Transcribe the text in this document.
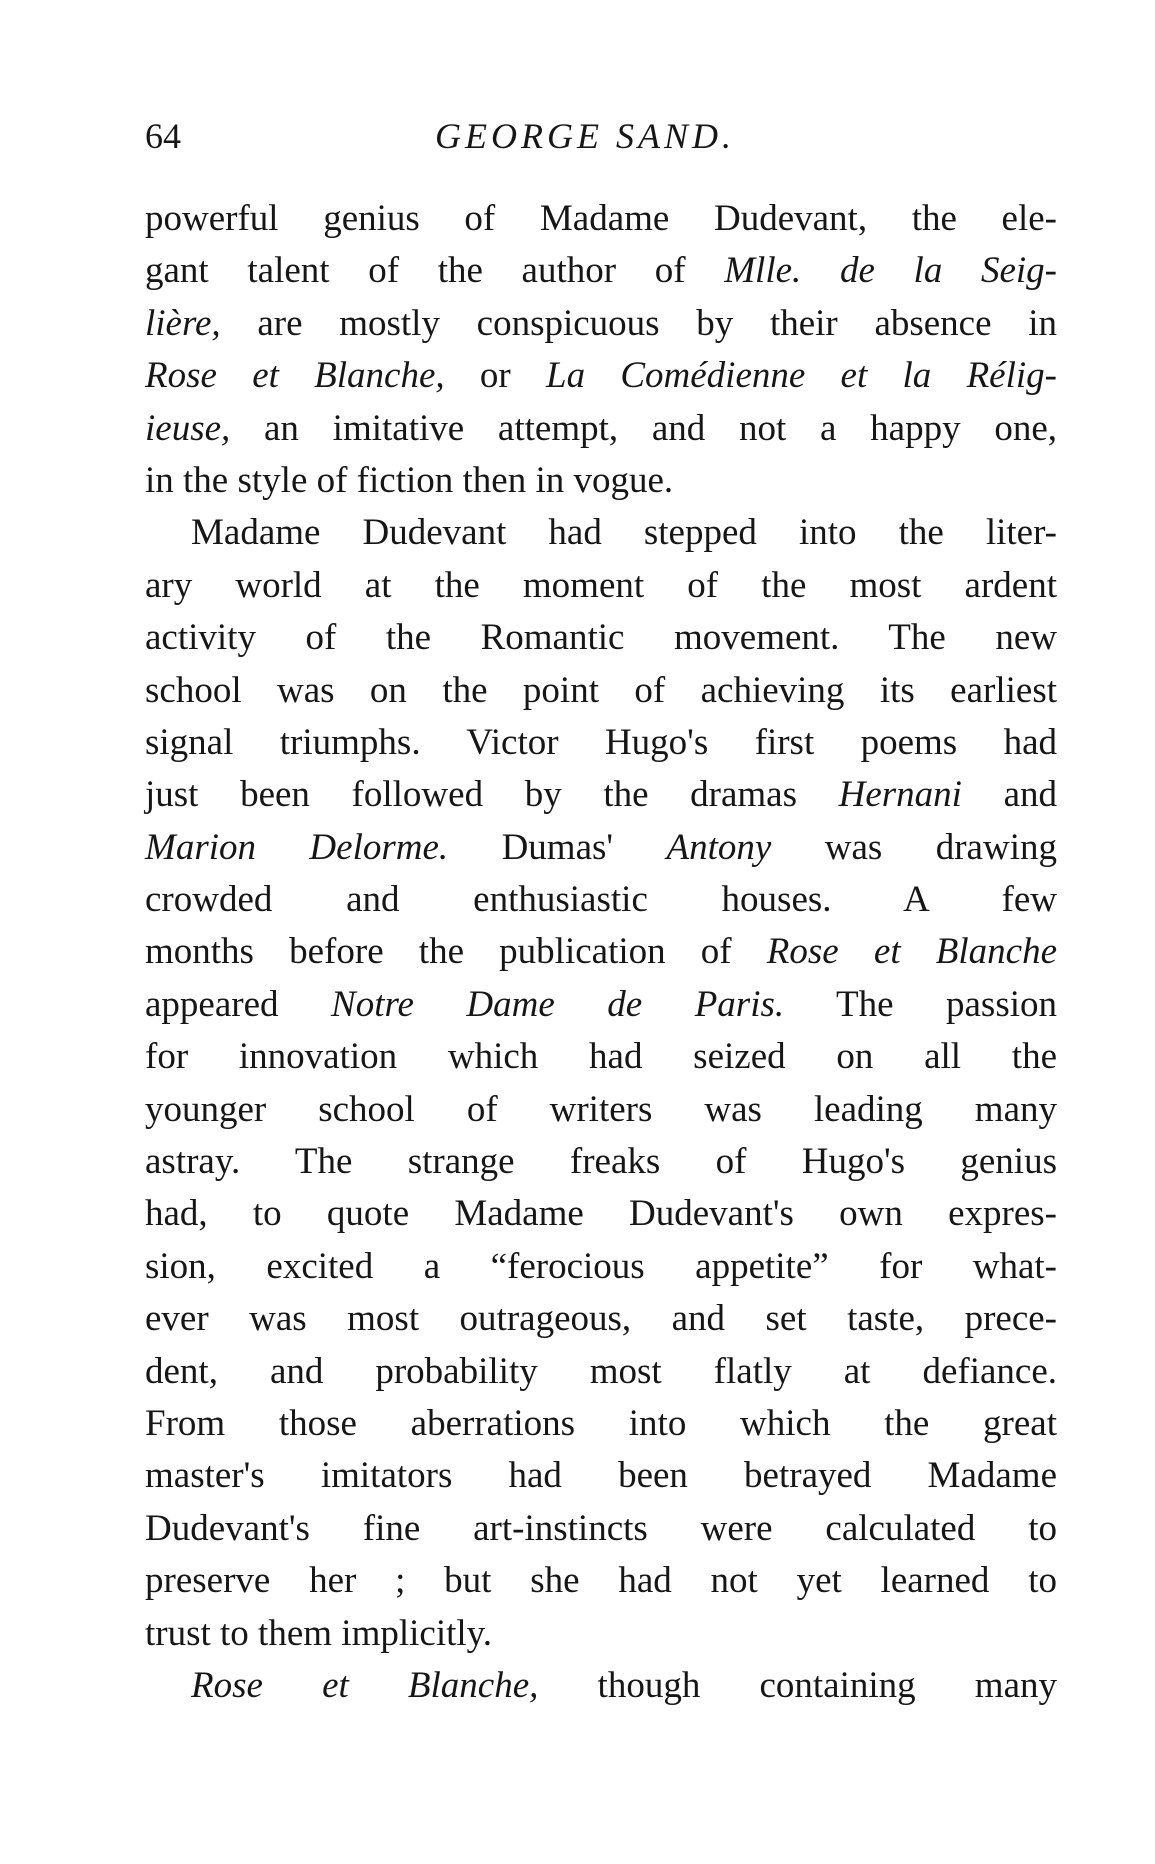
64	GEORGE SAND.
powerful genius of Madame Dudevant, the ele-
gant talent of the author of Mlle. de la Seig-
lière, are mostly conspicuous by their absence in
Rose et Blanche, or La Comédienne et la Rélig-
ieuse, an imitative attempt, and not a happy one,
in the style of fiction then in vogue.
Madame Dudevant had stepped into the liter-
ary world at the moment of the most ardent
activity of the Romantic movement. The new
school was on the point of achieving its earliest
signal triumphs. Victor Hugo's first poems had
just been followed by the dramas Hernani and
Marion Delorme. Dumas' Antony was drawing
crowded and enthusiastic houses. A few
months before the publication of Rose et Blanche
appeared Notre Dame de Paris. The passion
for innovation which had seized on all the
younger school of writers was leading many
astray. The strange freaks of Hugo's genius
had, to quote Madame Dudevant's own expres-
sion, excited a “ferocious appetite” for what-
ever was most outrageous, and set taste, prece-
dent, and probability most flatly at defiance.
From those aberrations into which the great
master's imitators had been betrayed Madame
Dudevant's fine art-instincts were calculated to
preserve her ; but she had not yet learned to
trust to them implicitly.
Rose et Blanche, though containing many
